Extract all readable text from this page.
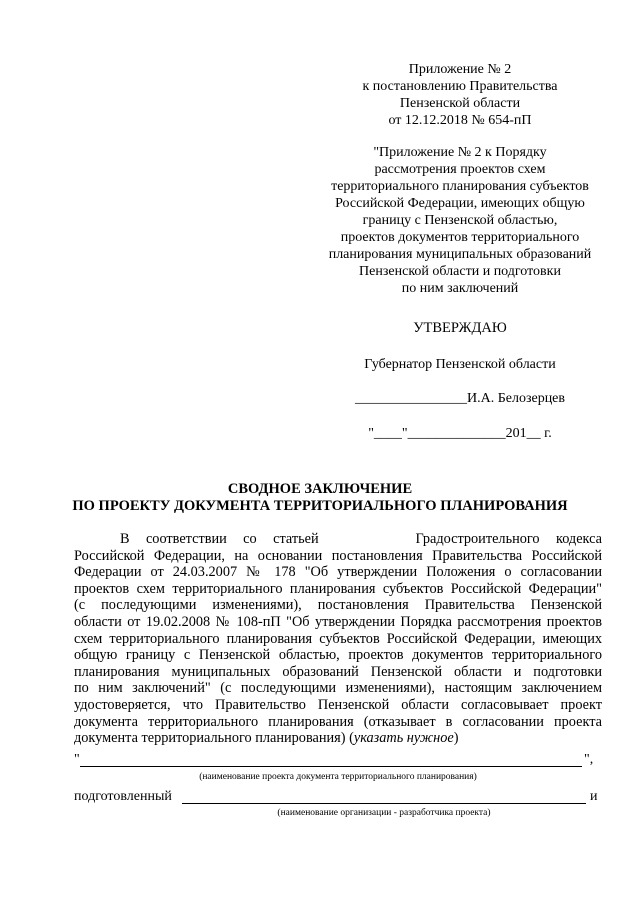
Приложение № 2
к постановлению Правительства
Пензенской области
от 12.12.2018 № 654-пП
"Приложение № 2 к Порядку
рассмотрения проектов схем
территориального планирования субъектов
Российской Федерации, имеющих общую
границу с Пензенской областью,
проектов документов территориального
планирования муниципальных образований
Пензенской области и подготовки
по ним заключений
УТВЕРЖДАЮ
Губернатор Пензенской области
________________И.А. Белозерцев
"____"______________201__ г.
СВОДНОЕ ЗАКЛЮЧЕНИЕ
ПО ПРОЕКТУ ДОКУМЕНТА ТЕРРИТОРИАЛЬНОГО ПЛАНИРОВАНИЯ
В соответствии со статьей	Градостроительного кодекса
Российской Федерации, на основании постановления Правительства Российской
Федерации от 24.03.2007 № 178 "Об утверждении Положения о согласовании
проектов схем территориального планирования субъектов Российской Федерации"
(с последующими изменениями), постановления Правительства Пензенской
области от 19.02.2008 № 108-пП "Об утверждении Порядка рассмотрения проектов
схем территориального планирования субъектов Российской Федерации, имеющих
общую границу с Пензенской областью, проектов документов территориального
планирования муниципальных образований Пензенской области и подготовки
по ним заключений" (с последующими изменениями), настоящим заключением
удостоверяется, что Правительство Пензенской области согласовывает проект
документа территориального планирования (отказывает в согласовании проекта
документа территориального планирования) (указать нужное)
"	",
(наименование проекта документа территориального планирования)
подготовленный	и
(наименование организации - разработчика проекта)
